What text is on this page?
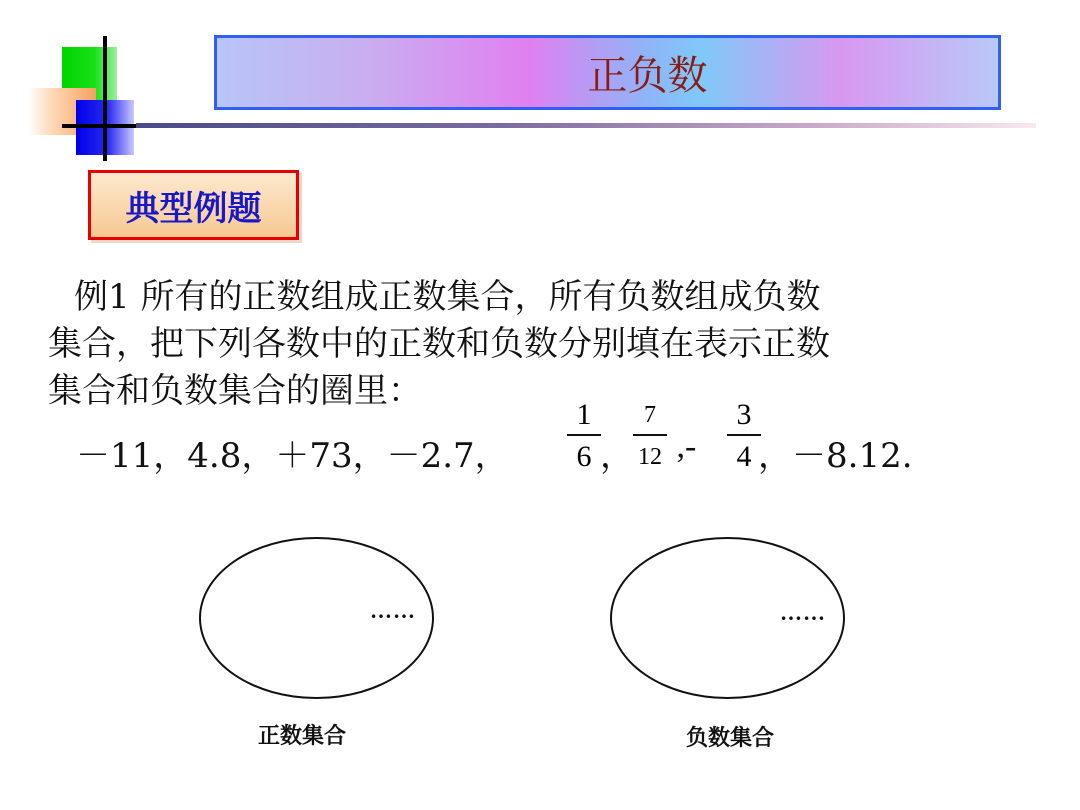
正负数
典型例题
例1 所有的正数组成正数集合，所有负数组成负数
集合，把下列各数中的正数和负数分别填在表示正数
集合和负数集合的圈里：
－11，4.8，＋73，－2.7，
1
6 ，
7
12 ,-
3
4 ，－8.12.
……	……
正数集合	负数集合
